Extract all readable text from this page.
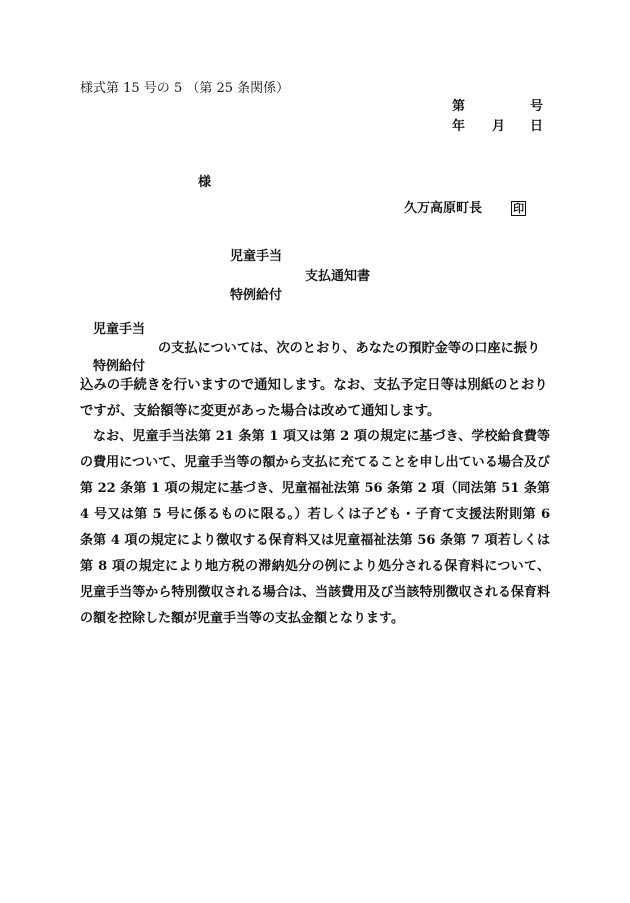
様式第 15 号の 5 （第 25 条関係）
第	号
年 月 日
様
久万高原町長	印
児童手当
支払通知書
特例給付
児童手当
の支払については、次のとおり、あなたの預貯金等の口座に振り
特例給付
込みの手続きを行いますので通知します。なお、支払予定日等は別紙のとおり
ですが、支給額等に変更があった場合は改めて通知します。

なお、児童手当法第 21 条第 1 項又は第 2 項の規定に基づき、学校給食費等の費用について、児童手当等の額から支払に充てることを申し出ている場合及び第 22 条第 1 項の規定に基づき、児童福祉法第 56 条第 2 項（同法第 51 条第 4 号又は第 5 号に係るものに限る。）若しくは子ども・子育て支援法附則第 6 条第 4 項の規定により徴収する保育料又は児童福祉法第 56 条第 7 項若しくは第 8 項の規定により地方税の滞納処分の例により処分される保育料について、児童手当等から特別徴収される場合は、当該費用及び当該特別徴収される保育料の額を控除した額が児童手当等の支払金額となります。
